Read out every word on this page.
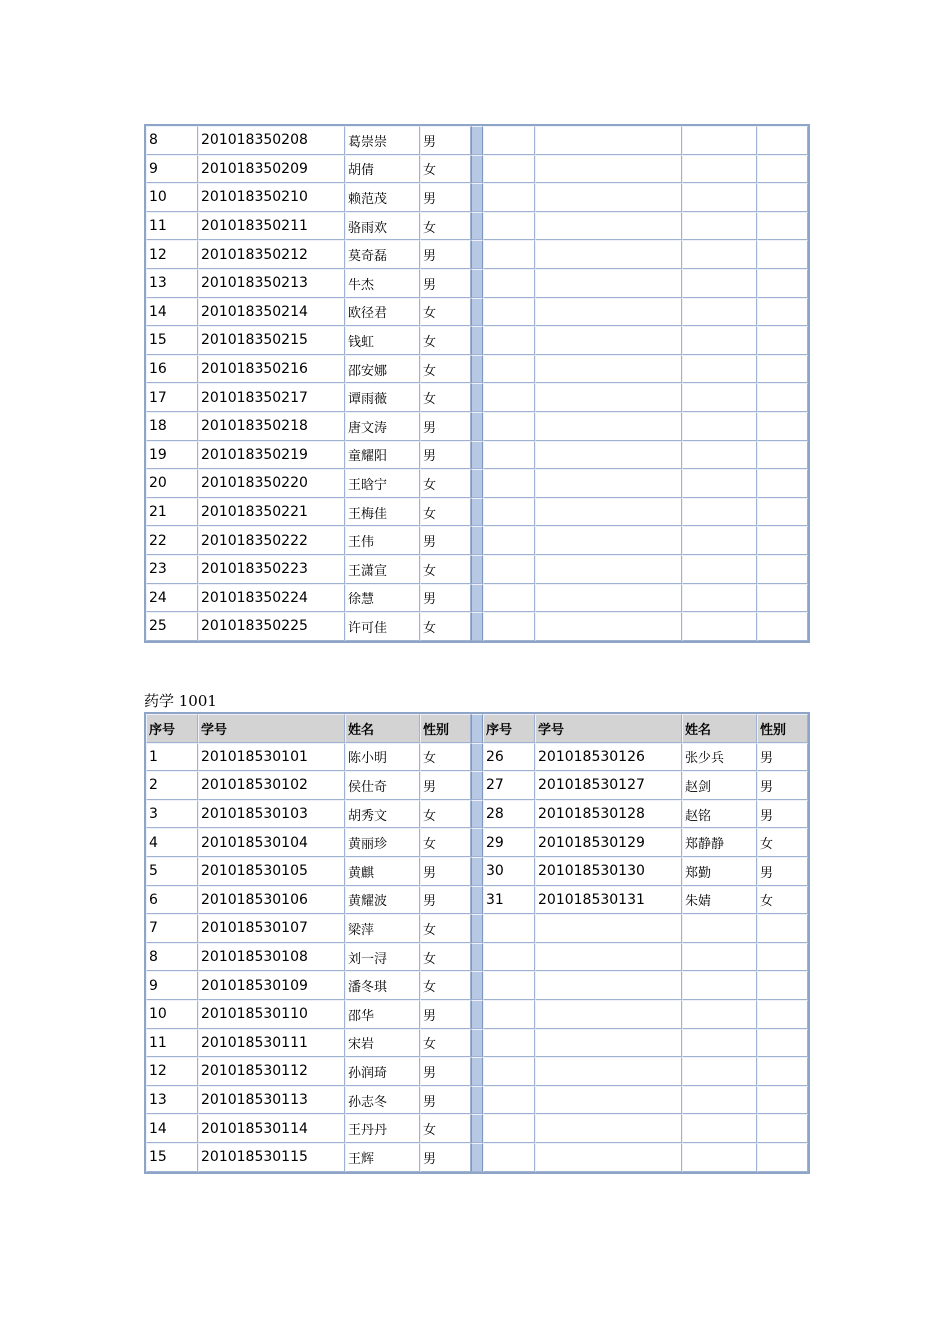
8	201018350208	葛崇崇	男					
9	201018350209	胡倩	女					
10	201018350210	赖范茂	男					
11	201018350211	骆雨欢	女					
12	201018350212	莫奇磊	男					
13	201018350213	牛杰	男					
14	201018350214	欧径君	女					
15	201018350215	钱虹	女					
16	201018350216	邵安娜	女					
17	201018350217	谭雨薇	女					
18	201018350218	唐文涛	男					
19	201018350219	童耀阳	男					
20	201018350220	王晗宁	女					
21	201018350221	王梅佳	女					
22	201018350222	王伟	男					
23	201018350223	王潇宣	女					
24	201018350224	徐慧	男					
25	201018350225	许可佳	女					
药学 1001
序号	学号	姓名	性别		序号	学号	姓名	性别
1	201018530101	陈小明	女		26	201018530126	张少兵	男
2	201018530102	侯仕奇	男		27	201018530127	赵剑	男
3	201018530103	胡秀文	女		28	201018530128	赵铭	男
4	201018530104	黄丽珍	女		29	201018530129	郑静静	女
5	201018530105	黄麒	男		30	201018530130	郑勤	男
6	201018530106	黄耀波	男		31	201018530131	朱婧	女
7	201018530107	梁萍	女					
8	201018530108	刘一浔	女					
9	201018530109	潘冬琪	女					
10	201018530110	邵华	男					
11	201018530111	宋岩	女					
12	201018530112	孙润琦	男					
13	201018530113	孙志冬	男					
14	201018530114	王丹丹	女					
15	201018530115	王辉	男					
